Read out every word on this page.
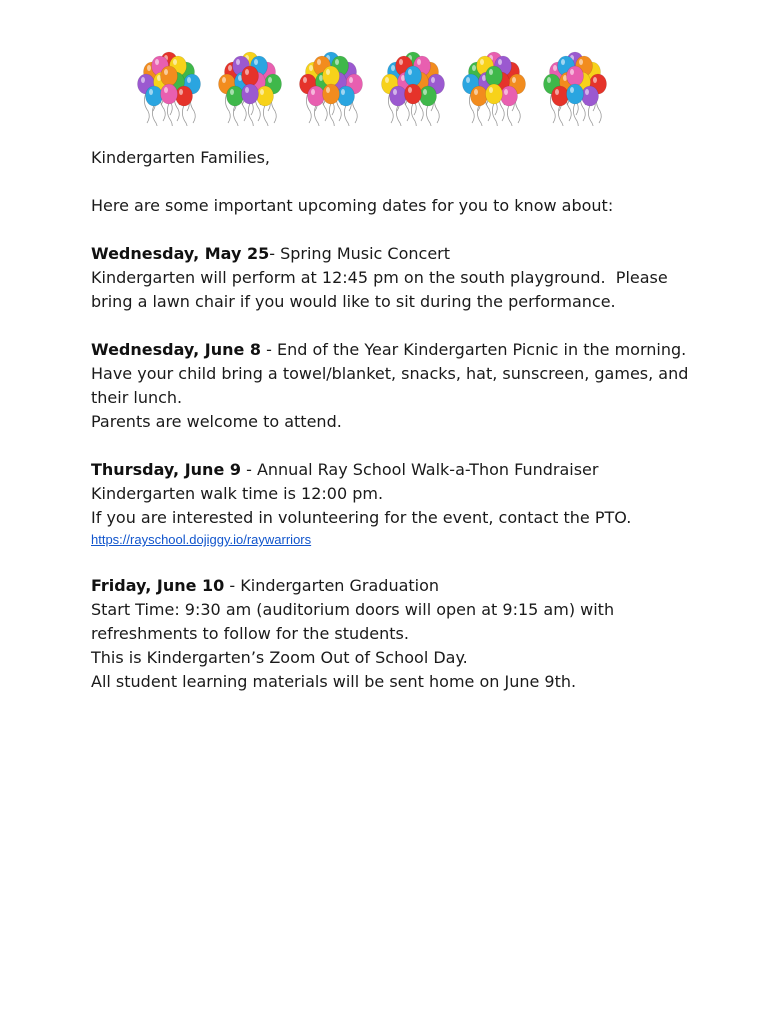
Kindergarten Families,

Here are some important upcoming dates for you to know about:

Wednesday, May 25- Spring Music Concert

Kindergarten will perform at 12:45 pm on the south playground.  Please bring a lawn chair if you would like to sit during the performance.

Wednesday, June 8 - End of the Year Kindergarten Picnic in the morning.

Have your child bring a towel/blanket, snacks, hat, sunscreen, games, and their lunch.

Parents are welcome to attend.

Thursday, June 9 - Annual Ray School Walk-a-Thon Fundraiser

Kindergarten walk time is 12:00 pm.

If you are interested in volunteering for the event, contact the PTO.

https://rayschool.dojiggy.io/raywarriors

Friday, June 10 - Kindergarten Graduation

Start Time: 9:30 am (auditorium doors will open at 9:15 am) with refreshments to follow for the students.

This is Kindergarten’s Zoom Out of School Day.

All student learning materials will be sent home on June 9th.
